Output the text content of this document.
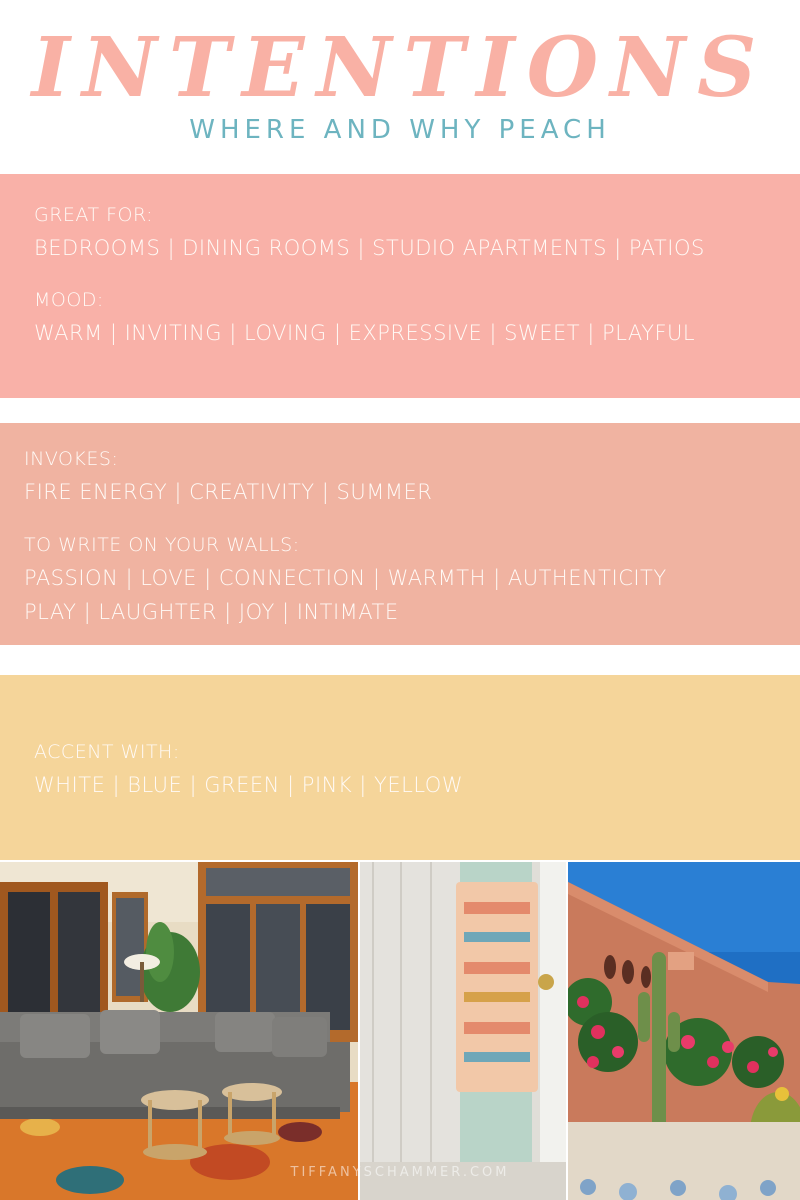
INTENTIONS
WHERE AND WHY PEACH
GREAT FOR:
BEDROOMS | DINING ROOMS | STUDIO APARTMENTS | PATIOS
MOOD:
WARM | INVITING | LOVING | EXPRESSIVE | SWEET | PLAYFUL
INVOKES:
FIRE ENERGY | CREATIVITY | SUMMER
TO WRITE ON YOUR WALLS:
PASSION | LOVE | CONNECTION | WARMTH | AUTHENTICITY
PLAY | LAUGHTER | JOY | INTIMATE
ACCENT WITH:
WHITE | BLUE | GREEN | PINK | YELLOW
TIFFANYSCHAMMER.COM
